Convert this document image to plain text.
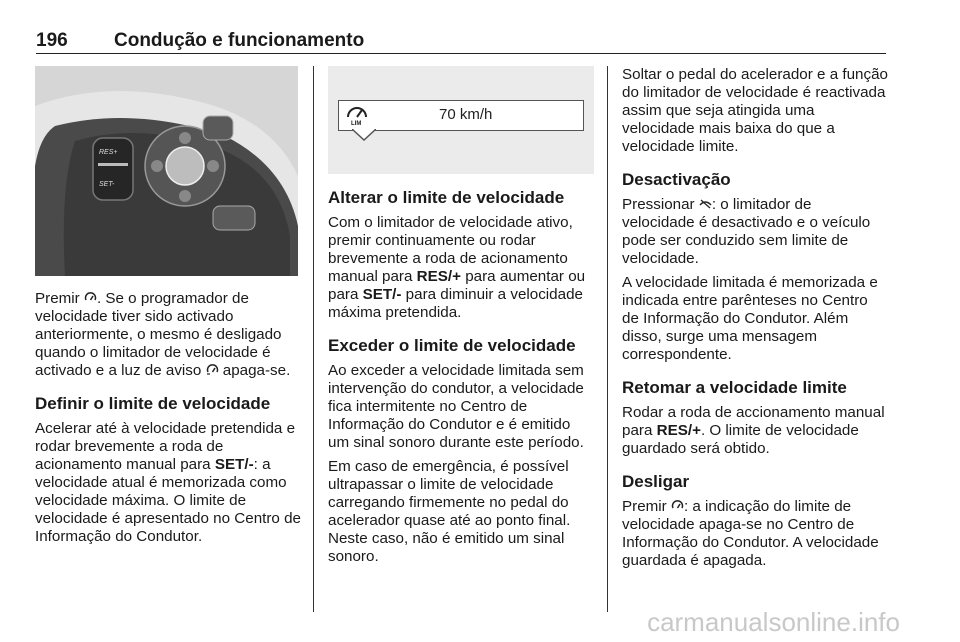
196 Condução e funcionamento
RES+
SET-
LIM
70 km/h

Premir . Se o programador de velocidade tiver sido activado anteriormente, o mesmo é desligado quando o limitador de velocidade é activado e a luz de aviso  apaga-se.

Definir o limite de velocidade

Acelerar até à velocidade pretendida e rodar brevemente a roda de acionamento manual para SET/-: a velocidade atual é memorizada como velocidade máxima. O limite de velocidade é apresentado no Centro de Informação do Condutor.

Alterar o limite de velocidade

Com o limitador de velocidade ativo, premir continuamente ou rodar brevemente a roda de acionamento manual para RES/+ para aumentar ou para SET/- para diminuir a velocidade máxima pretendida.

Exceder o limite de velocidade

Ao exceder a velocidade limitada sem intervenção do condutor, a velocidade fica intermitente no Centro de Informação do Condutor e é emitido um sinal sonoro durante este período.

Em caso de emergência, é possível ultrapassar o limite de velocidade carregando firmemente no pedal do acelerador quase até ao ponto final. Neste caso, não é emitido um sinal sonoro.

Soltar o pedal do acelerador e a função do limitador de velocidade é reactivada assim que seja atingida uma velocidade mais baixa do que a velocidade limite.

Desactivação

Pressionar : o limitador de velocidade é desactivado e o veículo pode ser conduzido sem limite de velocidade.

A velocidade limitada é memorizada e indicada entre parênteses no Centro de Informação do Condutor. Além disso, surge uma mensagem correspondente.

Retomar a velocidade limite

Rodar a roda de accionamento manual para RES/+. O limite de velocidade guardado será obtido.

Desligar

Premir : a indicação do limite de velocidade apaga-se no Centro de Informação do Condutor. A velocidade guardada é apagada.

carmanualsonline.info
